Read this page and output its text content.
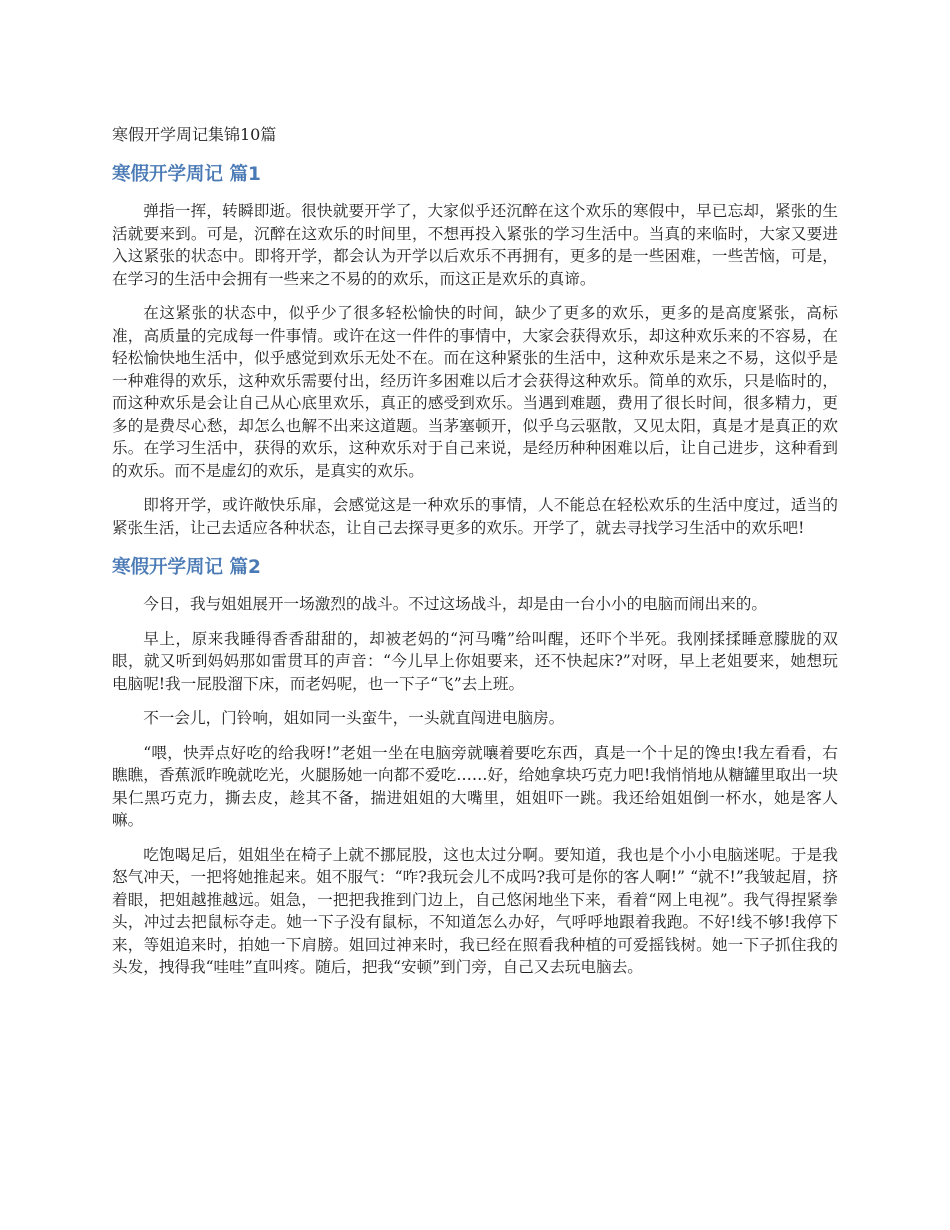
寒假开学周记集锦10篇
寒假开学周记 篇1

弹指一挥，转瞬即逝。很快就要开学了，大家似乎还沉醉在这个欢乐的寒假中，早已忘却，紧张的生活就要来到。可是，沉醉在这欢乐的时间里，不想再投入紧张的学习生活中。当真的来临时，大家又要进入这紧张的状态中。即将开学，都会认为开学以后欢乐不再拥有，更多的是一些困难，一些苦恼，可是，在学习的生活中会拥有一些来之不易的的欢乐，而这正是欢乐的真谛。

在这紧张的状态中，似乎少了很多轻松愉快的时间，缺少了更多的欢乐，更多的是高度紧张，高标准，高质量的完成每一件事情。或许在这一件件的事情中，大家会获得欢乐，却这种欢乐来的不容易，在轻松愉快地生活中，似乎感觉到欢乐无处不在。而在这种紧张的生活中，这种欢乐是来之不易，这似乎是一种难得的欢乐，这种欢乐需要付出，经历许多困难以后才会获得这种欢乐。简单的欢乐，只是临时的，而这种欢乐是会让自己从心底里欢乐，真正的感受到欢乐。当遇到难题，费用了很长时间，很多精力，更多的是费尽心愁，却怎么也解不出来这道题。当茅塞顿开，似乎乌云驱散，又见太阳，真是才是真正的欢乐。在学习生活中，获得的欢乐，这种欢乐对于自己来说，是经历种种困难以后，让自己进步，这种看到的欢乐。而不是虚幻的欢乐，是真实的欢乐。

即将开学，或许敞快乐扉，会感觉这是一种欢乐的事情，人不能总在轻松欢乐的生活中度过，适当的紧张生活，让己去适应各种状态，让自己去探寻更多的欢乐。开学了，就去寻找学习生活中的欢乐吧!

寒假开学周记 篇2

今日，我与姐姐展开一场激烈的战斗。不过这场战斗，却是由一台小小的电脑而闹出来的。

早上，原来我睡得香香甜甜的，却被老妈的“河马嘴”给叫醒，还吓个半死。我刚揉揉睡意朦胧的双眼，就又听到妈妈那如雷贯耳的声音：“今儿早上你姐要来，还不快起床?”对呀，早上老姐要来，她想玩电脑呢!我一屁股溜下床，而老妈呢，也一下子“飞”去上班。

不一会儿，门铃响，姐如同一头蛮牛，一头就直闯进电脑房。

“喂，快弄点好吃的给我呀!”老姐一坐在电脑旁就嚷着要吃东西，真是一个十足的馋虫!我左看看，右瞧瞧，香蕉派昨晚就吃光，火腿肠她一向都不爱吃……好，给她拿块巧克力吧!我悄悄地从糖罐里取出一块果仁黑巧克力，撕去皮，趁其不备，揣进姐姐的大嘴里，姐姐吓一跳。我还给姐姐倒一杯水，她是客人嘛。

吃饱喝足后，姐姐坐在椅子上就不挪屁股，这也太过分啊。要知道，我也是个小小电脑迷呢。于是我怒气冲天，一把将她推起来。姐不服气：“咋?我玩会儿不成吗?我可是你的客人啊!” “就不!”我皱起眉，挤着眼，把姐越推越远。姐急，一把把我推到门边上，自己悠闲地坐下来，看着“网上电视”。我气得捏紧拳头，冲过去把鼠标夺走。她一下子没有鼠标，不知道怎么办好，气呼呼地跟着我跑。不好!线不够!我停下来，等姐追来时，拍她一下肩膀。姐回过神来时，我已经在照看我种植的可爱摇钱树。她一下子抓住我的头发，拽得我“哇哇”直叫疼。随后，把我“安顿”到门旁，自己又去玩电脑去。
